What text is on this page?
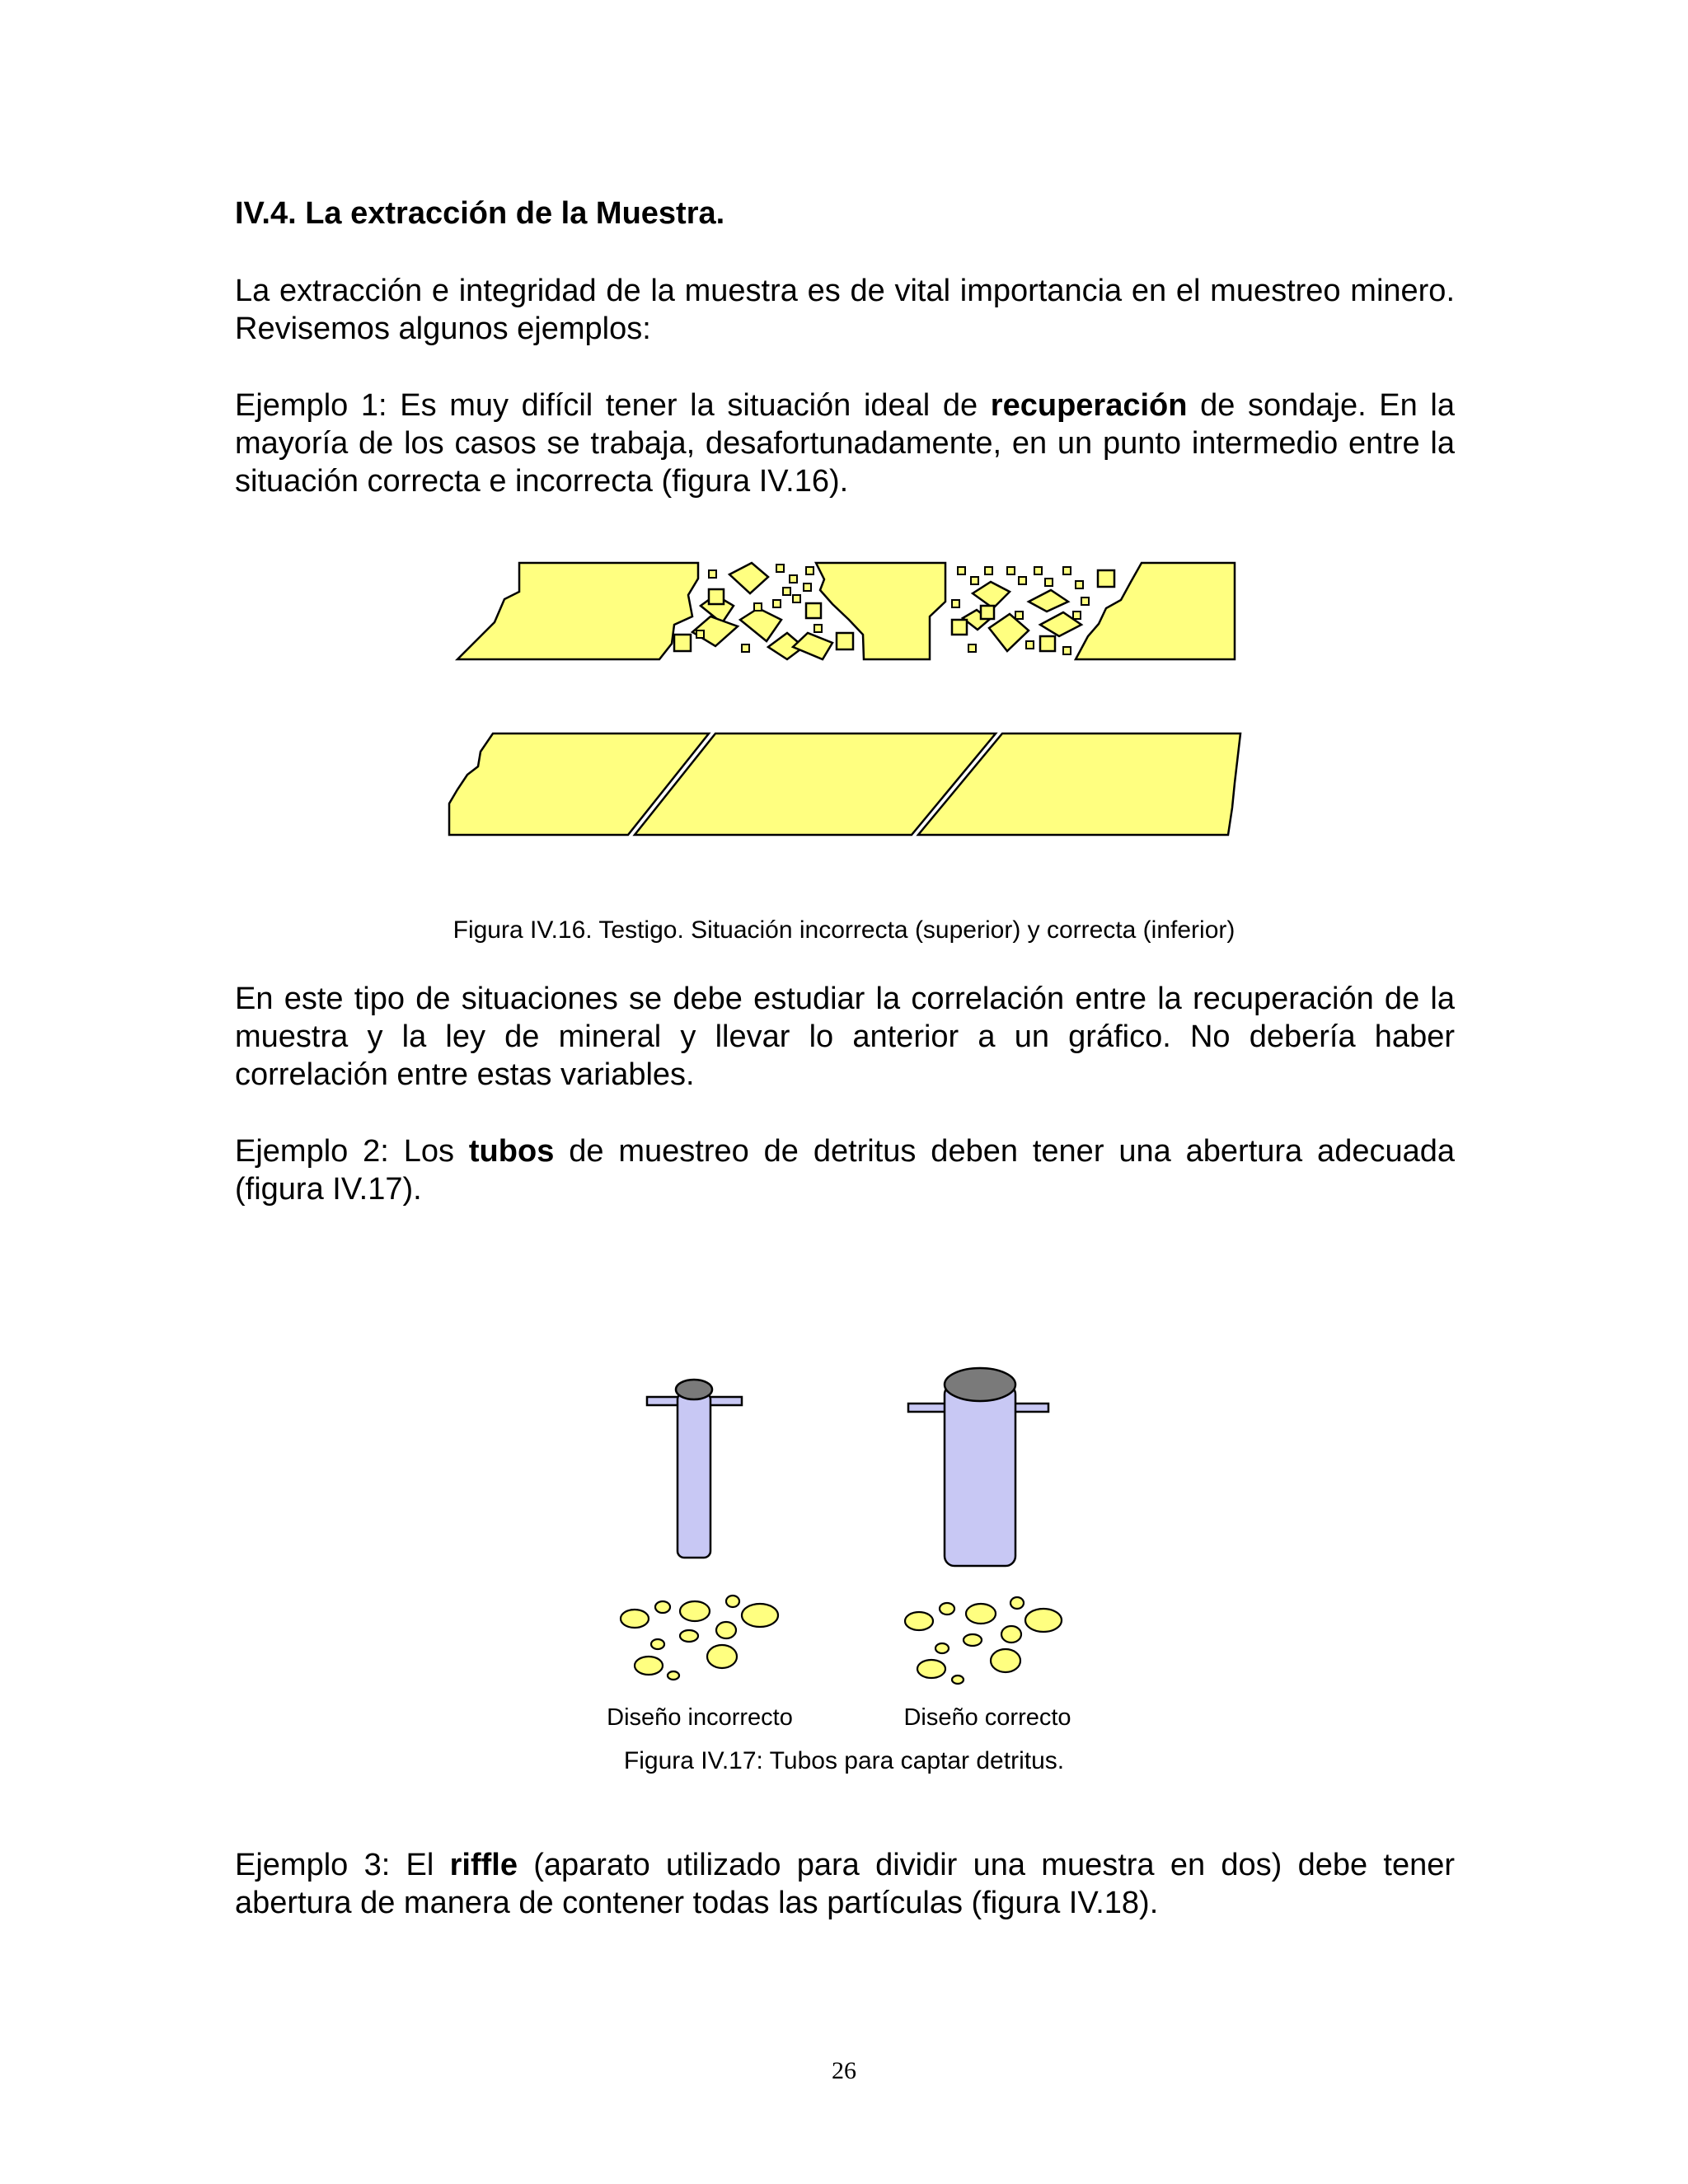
IV.4. La extracción de la Muestra.

La extracción e integridad de la muestra es de vital importancia en el muestreo minero. Revisemos algunos ejemplos:

Ejemplo 1: Es muy difícil tener la situación ideal de recuperación de sondaje. En la mayoría de los casos se trabaja, desafortunadamente, en un punto intermedio entre la situación correcta e incorrecta (figura IV.16).

Figura IV.16. Testigo. Situación incorrecta (superior) y correcta (inferior)

En este tipo de situaciones se debe estudiar la correlación entre la recuperación de la muestra y la ley de mineral y llevar lo anterior a un gráfico. No debería haber correlación entre estas variables.

Ejemplo 2: Los tubos de muestreo de detritus deben tener una abertura adecuada (figura IV.17).

Diseño incorrecto	Diseño correcto

Figura IV.17: Tubos para captar detritus.

Ejemplo 3: El riffle (aparato utilizado para dividir una muestra en dos) debe tener abertura de manera de contener todas las partículas (figura IV.18).

26
